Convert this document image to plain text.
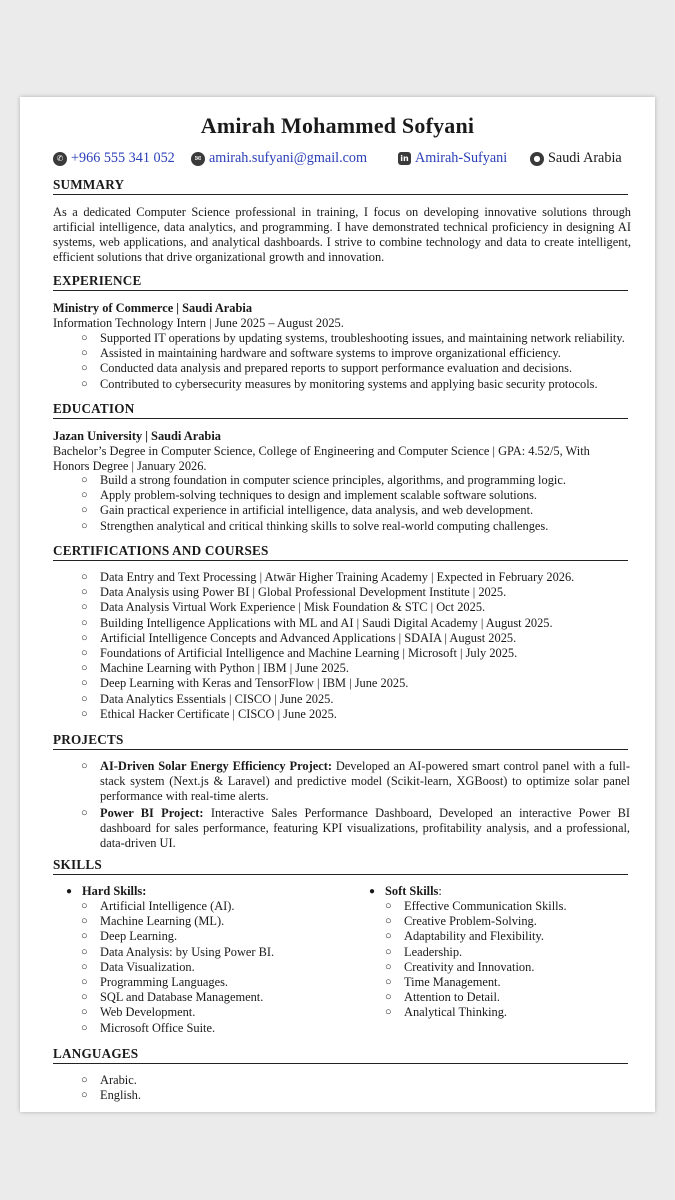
Amirah Mohammed Sofyani
✆ +966 555 341 052	✉ amirah.sufyani@gmail.com	in Amirah-Sufyani	● Saudi Arabia
SUMMARY
As a dedicated Computer Science professional in training, I focus on developing innovative solutions through artificial intelligence, data analytics, and programming. I have demonstrated technical proficiency in designing AI systems, web applications, and analytical dashboards. I strive to combine technology and data to create intelligent, efficient solutions that drive organizational growth and innovation.
EXPERIENCE
Ministry of Commerce | Saudi Arabia
Information Technology Intern | June 2025 – August 2025.
○ Supported IT operations by updating systems, troubleshooting issues, and maintaining network reliability.
○ Assisted in maintaining hardware and software systems to improve organizational efficiency.
○ Conducted data analysis and prepared reports to support performance evaluation and decisions.
○ Contributed to cybersecurity measures by monitoring systems and applying basic security protocols.
EDUCATION
Jazan University | Saudi Arabia
Bachelor’s Degree in Computer Science, College of Engineering and Computer Science | GPA: 4.52/5, With
Honors Degree | January 2026.
○ Build a strong foundation in computer science principles, algorithms, and programming logic.
○ Apply problem-solving techniques to design and implement scalable software solutions.
○ Gain practical experience in artificial intelligence, data analysis, and web development.
○ Strengthen analytical and critical thinking skills to solve real-world computing challenges.
CERTIFICATIONS AND COURSES
○ Data Entry and Text Processing | Atwār Higher Training Academy | Expected in February 2026.
○ Data Analysis using Power BI | Global Professional Development Institute | 2025.
○ Data Analysis Virtual Work Experience | Misk Foundation & STC | Oct 2025.
○ Building Intelligence Applications with ML and AI | Saudi Digital Academy | August 2025.
○ Artificial Intelligence Concepts and Advanced Applications | SDAIA | August 2025.
○ Foundations of Artificial Intelligence and Machine Learning | Microsoft | July 2025.
○ Machine Learning with Python | IBM | June 2025.
○ Deep Learning with Keras and TensorFlow | IBM | June 2025.
○ Data Analytics Essentials | CISCO | June 2025.
○ Ethical Hacker Certificate | CISCO | June 2025.
PROJECTS
○ AI-Driven Solar Energy Efficiency Project: Developed an AI-powered smart control panel with a full-stack system (Next.js & Laravel) and predictive model (Scikit-learn, XGBoost) to optimize solar panel performance with real-time alerts.
○ Power BI Project: Interactive Sales Performance Dashboard, Developed an interactive Power BI dashboard for sales performance, featuring KPI visualizations, profitability analysis, and a professional, data-driven UI.
SKILLS
● Hard Skills:
○ Artificial Intelligence (AI).
○ Machine Learning (ML).
○ Deep Learning.
○ Data Analysis: by Using Power BI.
○ Data Visualization.
○ Programming Languages.
○ SQL and Database Management.
○ Web Development.
○ Microsoft Office Suite.
● Soft Skills:
○ Effective Communication Skills.
○ Creative Problem-Solving.
○ Adaptability and Flexibility.
○ Leadership.
○ Creativity and Innovation.
○ Time Management.
○ Attention to Detail.
○ Analytical Thinking.
LANGUAGES
○ Arabic.
○ English.
